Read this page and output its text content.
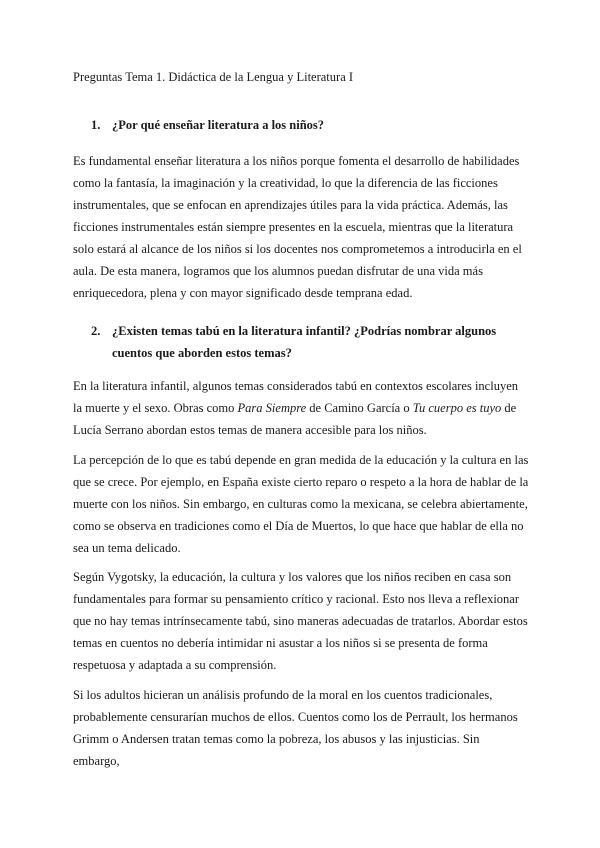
Preguntas Tema 1. Didáctica de la Lengua y Literatura I
1. ¿Por qué enseñar literatura a los niños?

Es fundamental enseñar literatura a los niños porque fomenta el desarrollo de habilidades como la fantasía, la imaginación y la creatividad, lo que la diferencia de las ficciones instrumentales, que se enfocan en aprendizajes útiles para la vida práctica. Además, las ficciones instrumentales están siempre presentes en la escuela, mientras que la literatura solo estará al alcance de los niños si los docentes nos comprometemos a introducirla en el aula. De esta manera, logramos que los alumnos puedan disfrutar de una vida más enriquecedora, plena y con mayor significado desde temprana edad.

2. ¿Existen temas tabú en la literatura infantil? ¿Podrías nombrar algunos cuentos que aborden estos temas?

En la literatura infantil, algunos temas considerados tabú en contextos escolares incluyen la muerte y el sexo. Obras como Para Siempre de Camino García o Tu cuerpo es tuyo de Lucía Serrano abordan estos temas de manera accesible para los niños.

La percepción de lo que es tabú depende en gran medida de la educación y la cultura en las que se crece. Por ejemplo, en España existe cierto reparo o respeto a la hora de hablar de la muerte con los niños. Sin embargo, en culturas como la mexicana, se celebra abiertamente, como se observa en tradiciones como el Día de Muertos, lo que hace que hablar de ella no sea un tema delicado.

Según Vygotsky, la educación, la cultura y los valores que los niños reciben en casa son fundamentales para formar su pensamiento crítico y racional. Esto nos lleva a reflexionar que no hay temas intrínsecamente tabú, sino maneras adecuadas de tratarlos. Abordar estos temas en cuentos no debería intimidar ni asustar a los niños si se presenta de forma respetuosa y adaptada a su comprensión.

Si los adultos hicieran un análisis profundo de la moral en los cuentos tradicionales, probablemente censurarían muchos de ellos. Cuentos como los de Perrault, los hermanos Grimm o Andersen tratan temas como la pobreza, los abusos y las injusticias. Sin embargo,
